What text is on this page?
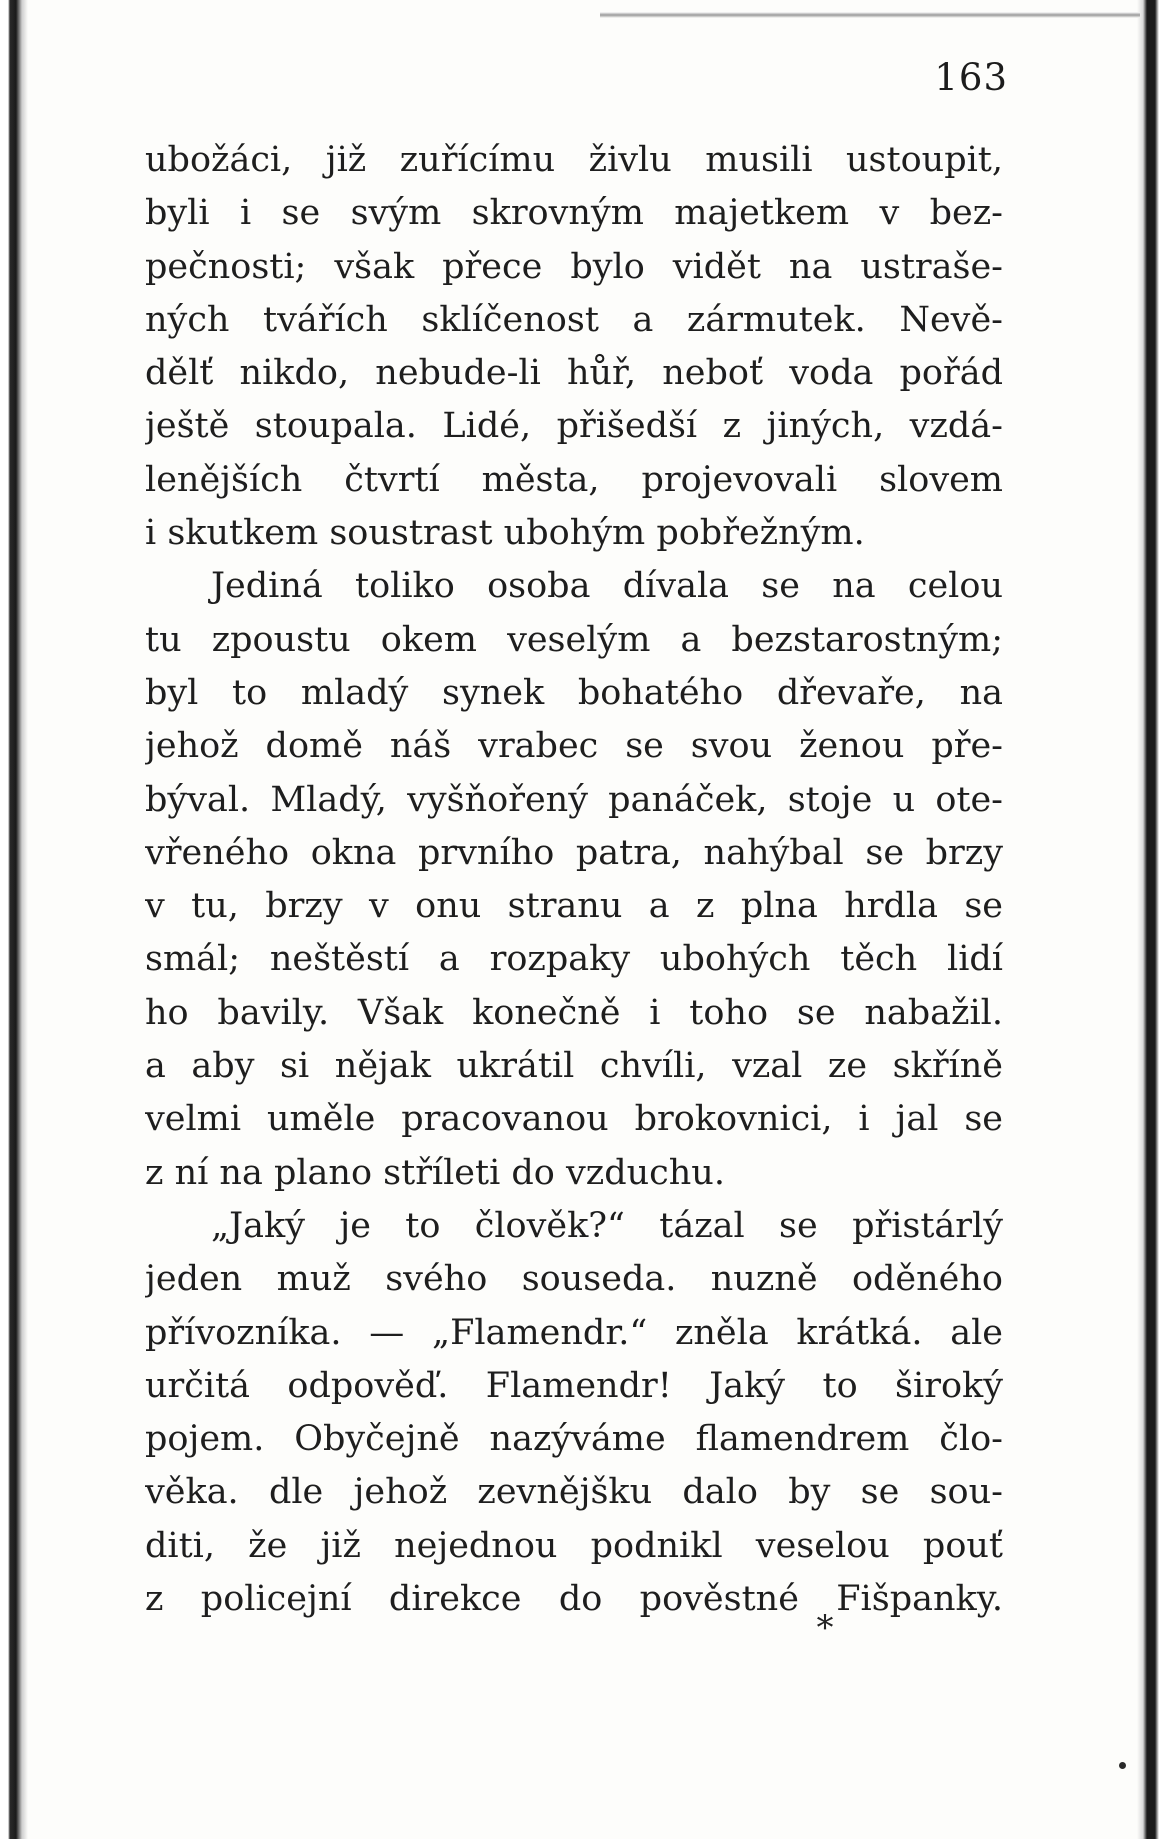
163
ubožáci, již zuřícímu živlu musili ustoupit,
byli i se svým skrovným majetkem v bez-
pečnosti; však přece bylo vidět na ustraše-
ných tvářích sklíčenost a zármutek. Nevě-
dělť nikdo, nebude-li hůř, neboť voda pořád
ještě stoupala. Lidé, přišedší z jiných, vzdá-
lenějších čtvrtí města, projevovali slovem
i skutkem soustrast ubohým pobřežným.
Jediná toliko osoba dívala se na celou
tu zpoustu okem veselým a bezstarostným;
byl to mladý synek bohatého dřevaře, na
jehož domě náš vrabec se svou ženou pře-
býval. Mladý, vyšňořený panáček, stoje u ote-
vřeného okna prvního patra, nahýbal se brzy
v tu, brzy v onu stranu a z plna hrdla se
smál; neštěstí a rozpaky ubohých těch lidí
ho bavily. Však konečně i toho se nabažil.
a aby si nějak ukrátil chvíli, vzal ze skříně
velmi uměle pracovanou brokovnici, i jal se
z ní na plano stříleti do vzduchu.
„Jaký je to člověk?“ tázal se přistárlý
jeden muž svého souseda. nuzně oděného
přívozníka. — „Flamendr.“ zněla krátká. ale
určitá odpověď. Flamendr! Jaký to široký
pojem. Obyčejně nazýváme flamendrem člo-
věka. dle jehož zevnějšku dalo by se sou-
diti, že již nejednou podnikl veselou pouť
z policejní direkce do pověstné Fišpanky.
*
